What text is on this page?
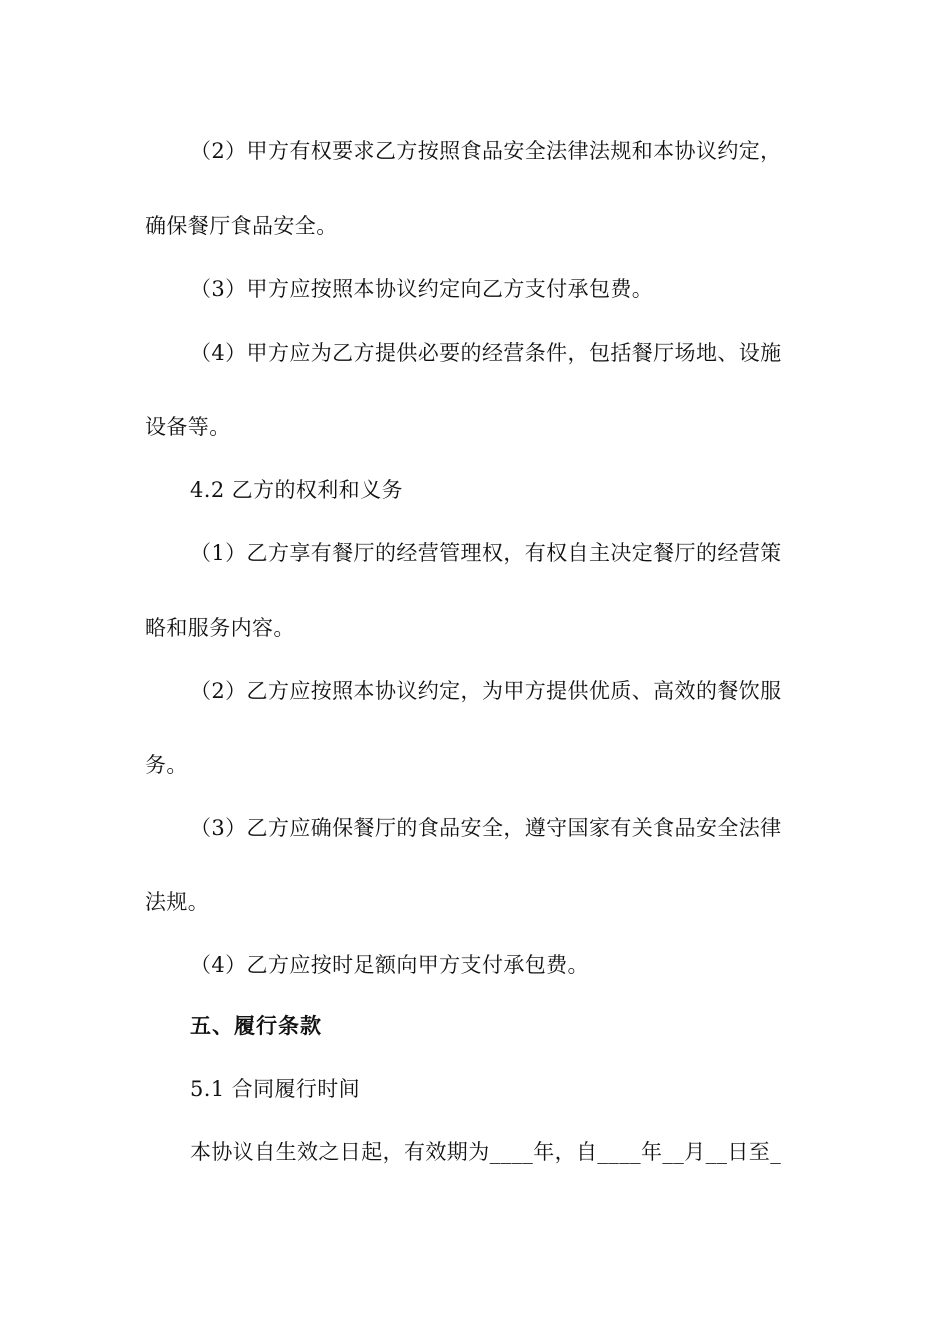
（2）甲方有权要求乙方按照食品安全法律法规和本协议约定，
确保餐厅食品安全。
（3）甲方应按照本协议约定向乙方支付承包费。
（4）甲方应为乙方提供必要的经营条件，包括餐厅场地、设施
设备等。
4.2 乙方的权利和义务
（1）乙方享有餐厅的经营管理权，有权自主决定餐厅的经营策
略和服务内容。
（2）乙方应按照本协议约定，为甲方提供优质、高效的餐饮服
务。
（3）乙方应确保餐厅的食品安全，遵守国家有关食品安全法律
法规。
（4）乙方应按时足额向甲方支付承包费。
五、履行条款
5.1 合同履行时间
本协议自生效之日起，有效期为____年，自____年__月__日至_
